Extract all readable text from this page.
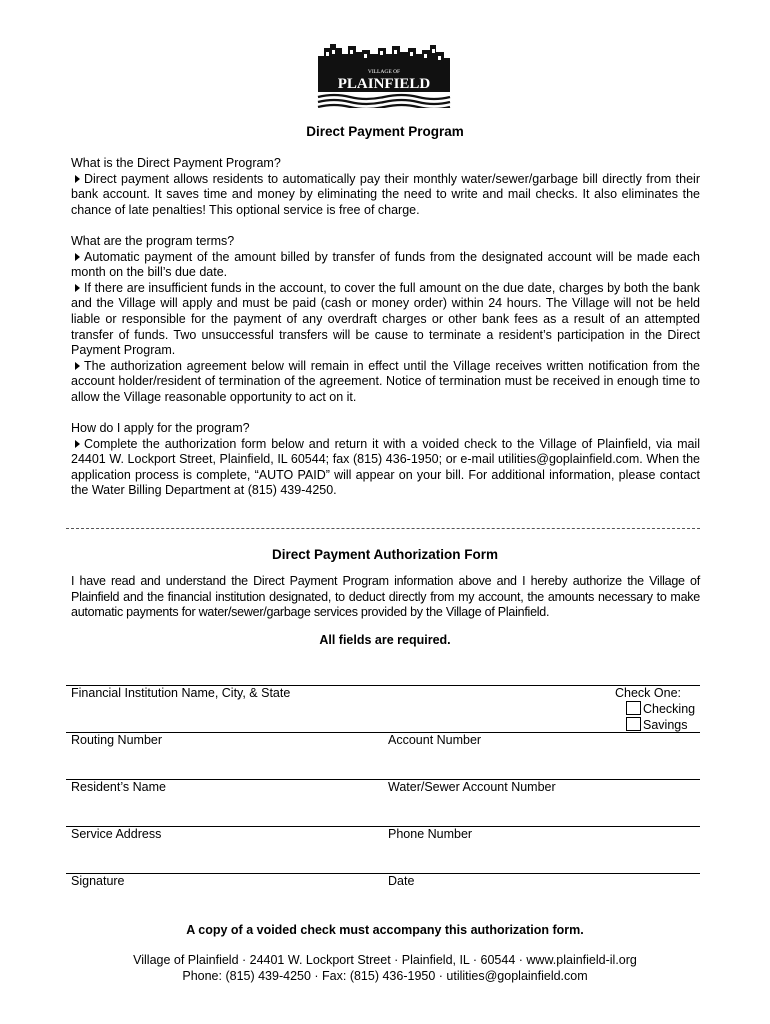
VILLAGE OF
PLAINFIELD
Direct Payment Program

What is the Direct Payment Program?

Direct payment allows residents to automatically pay their monthly water/sewer/garbage bill directly from their bank account. It saves time and money by eliminating the need to write and mail checks. It also eliminates the chance of late penalties! This optional service is free of charge.

What are the program terms?

Automatic payment of the amount billed by transfer of funds from the designated account will be made each month on the bill’s due date.

If there are insufficient funds in the account, to cover the full amount on the due date, charges by both the bank and the Village will apply and must be paid (cash or money order) within 24 hours. The Village will not be held liable or responsible for the payment of any overdraft charges or other bank fees as a result of an attempted transfer of funds. Two unsuccessful transfers will be cause to terminate a resident’s participation in the Direct Payment Program.

The authorization agreement below will remain in effect until the Village receives written notification from the account holder/resident of termination of the agreement. Notice of termination must be received in enough time to allow the Village reasonable opportunity to act on it.

How do I apply for the program?

Complete the authorization form below and return it with a voided check to the Village of Plainfield, via mail 24401 W. Lockport Street, Plainfield, IL 60544; fax (815) 436-1950; or e-mail utilities@goplainfield.com. When the application process is complete, “AUTO PAID” will appear on your bill. For additional information, please contact the Water Billing Department at (815) 439-4250.

Direct Payment Authorization Form
I have read and understand the Direct Payment Program information above and I hereby authorize the Village of Plainfield and the financial institution designated, to deduct directly from my account, the amounts necessary to make automatic payments for water/sewer/garbage services provided by the Village of Plainfield.
All fields are required.
Financial Institution Name, City, & State	Check One:
Checking
Savings
Routing Number	Account Number
Resident’s Name	Water/Sewer Account Number
Service Address	Phone Number
Signature	Date
A copy of a voided check must accompany this authorization form.
Village of Plainfield · 24401 W. Lockport Street · Plainfield, IL · 60544 · www.plainfield-il.org
Phone: (815) 439-4250 · Fax: (815) 436-1950 · utilities@goplainfield.com
